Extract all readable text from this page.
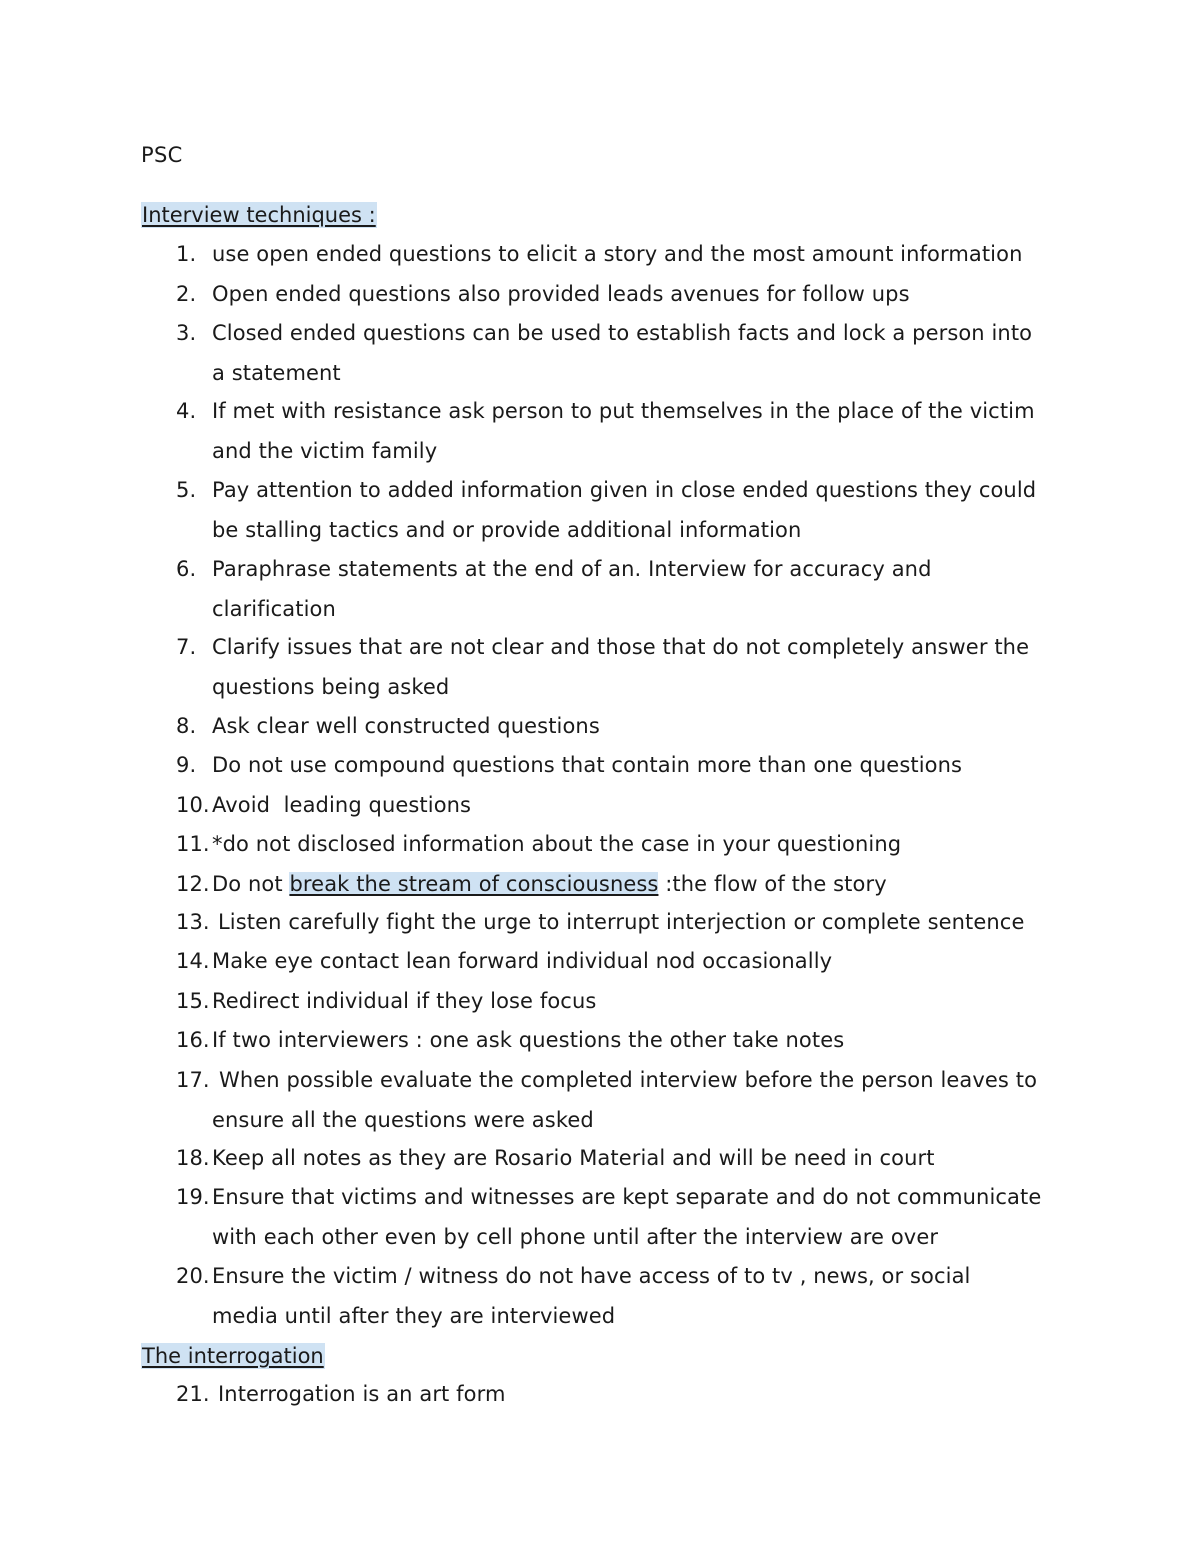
PSC
Interview techniques :
1. use open ended questions to elicit a story and the most amount information
2. Open ended questions also provided leads avenues for follow ups
3. Closed ended questions can be used to establish facts and lock a person into
a statement
4. If met with resistance ask person to put themselves in the place of the victim
and the victim family
5. Pay attention to added information given in close ended questions they could
be stalling tactics and or provide additional information
6. Paraphrase statements at the end of an. Interview for accuracy and
clarification
7. Clarify issues that are not clear and those that do not completely answer the
questions being asked
8. Ask clear well constructed questions
9. Do not use compound questions that contain more than one questions
10. Avoid  leading questions
11. *do not disclosed information about the case in your questioning
12. Do not break the stream of consciousness :the flow of the story
13. Listen carefully fight the urge to interrupt interjection or complete sentence
14. Make eye contact lean forward individual nod occasionally
15. Redirect individual if they lose focus
16. If two interviewers : one ask questions the other take notes
17. When possible evaluate the completed interview before the person leaves to
ensure all the questions were asked
18. Keep all notes as they are Rosario Material and will be need in court
19. Ensure that victims and witnesses are kept separate and do not communicate
with each other even by cell phone until after the interview are over
20. Ensure the victim / witness do not have access of to tv , news, or social
media until after they are interviewed
The interrogation
21. Interrogation is an art form
